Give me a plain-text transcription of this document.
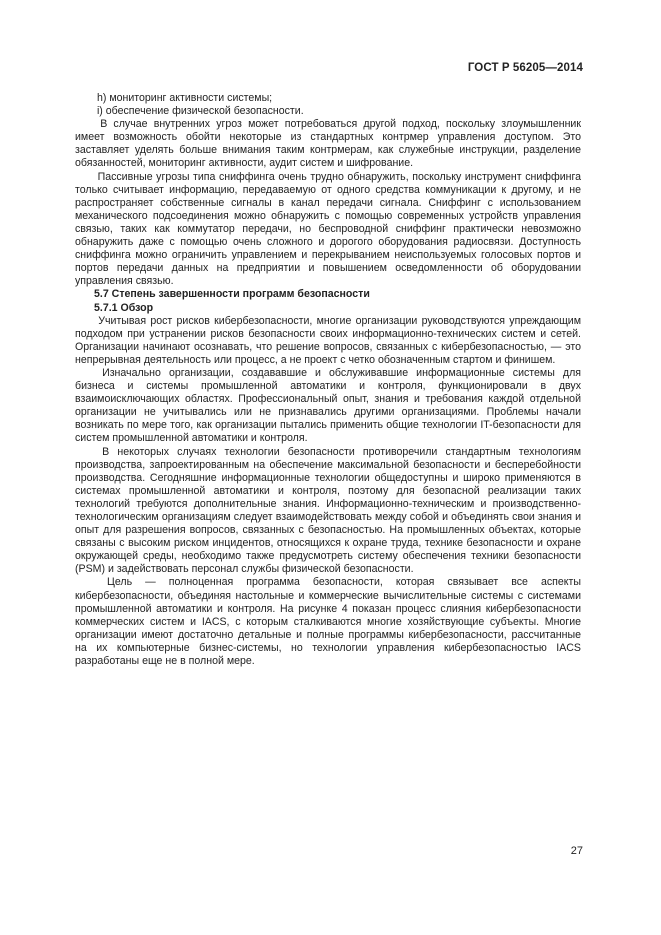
ГОСТ Р 56205—2014

h) мониторинг активности системы;

i) обеспечение физической безопасности.

В случае внутренних угроз может потребоваться другой подход, поскольку злоумышленник имеет возможность обойти некоторые из стандартных контрмер управления доступом. Это заставляет уделять больше внимания таким контрмерам, как служебные инструкции, разделение обязанностей, мониторинг активности, аудит систем и шифрование.

Пассивные угрозы типа сниффинга очень трудно обнаружить, поскольку инструмент сниффинга только считывает информацию, передаваемую от одного средства коммуникации к другому, и не распространяет собственные сигналы в канал передачи сигнала. Сниффинг с использованием механического подсоединения можно обнаружить с помощью современных устройств управления связью, таких как коммутатор передачи, но беспроводной сниффинг практически невозможно обнаружить даже с помощью очень сложного и дорогого оборудования радиосвязи. Доступность сниффинга можно ограничить управлением и перекрыванием неиспользуемых голосовых портов и портов передачи данных на предприятии и повышением осведомленности об оборудовании управления связью.

5.7 Степень завершенности программ безопасности

5.7.1 Обзор

Учитывая рост рисков кибербезопасности, многие организации руководствуются упреждающим подходом при устранении рисков безопасности своих информационно-технических систем и сетей. Организации начинают осознавать, что решение вопросов, связанных с кибербезопасностью, — это непрерывная деятельность или процесс, а не проект с четко обозначенным стартом и финишем.

Изначально организации, создававшие и обслуживавшие информационные системы для бизнеса и системы промышленной автоматики и контроля, функционировали в двух взаимоисключающих областях. Профессиональный опыт, знания и требования каждой отдельной организации не учитывались или не признавались другими организациями. Проблемы начали возникать по мере того, как организации пытались применить общие технологии IT-безопасности для систем промышленной автоматики и контроля.

В некоторых случаях технологии безопасности противоречили стандартным технологиям производства, запроектированным на обеспечение максимальной безопасности и бесперебойности производства. Сегодняшние информационные технологии общедоступны и широко применяются в системах промышленной автоматики и контроля, поэтому для безопасной реализации таких технологий требуются дополнительные знания. Информационно-техническим и производственно-технологическим организациям следует взаимодействовать между собой и объединять свои знания и опыт для разрешения вопросов, связанных с безопасностью. На промышленных объектах, которые связаны с высоким риском инцидентов, относящихся к охране труда, технике безопасности и охране окружающей среды, необходимо также предусмотреть систему обеспечения техники безопасности (PSM) и задействовать персонал службы физической безопасности.

Цель — полноценная программа безопасности, которая связывает все аспекты кибербезопасности, объединяя настольные и коммерческие вычислительные системы с системами промышленной автоматики и контроля. На рисунке 4 показан процесс слияния кибербезопасности коммерческих систем и IACS, с которым сталкиваются многие хозяйствующие субъекты. Многие организации имеют достаточно детальные и полные программы кибербезопасности, рассчитанные на их компьютерные бизнес-системы, но технологии управления кибербезопасностью IACS разработаны еще не в полной мере.

27
